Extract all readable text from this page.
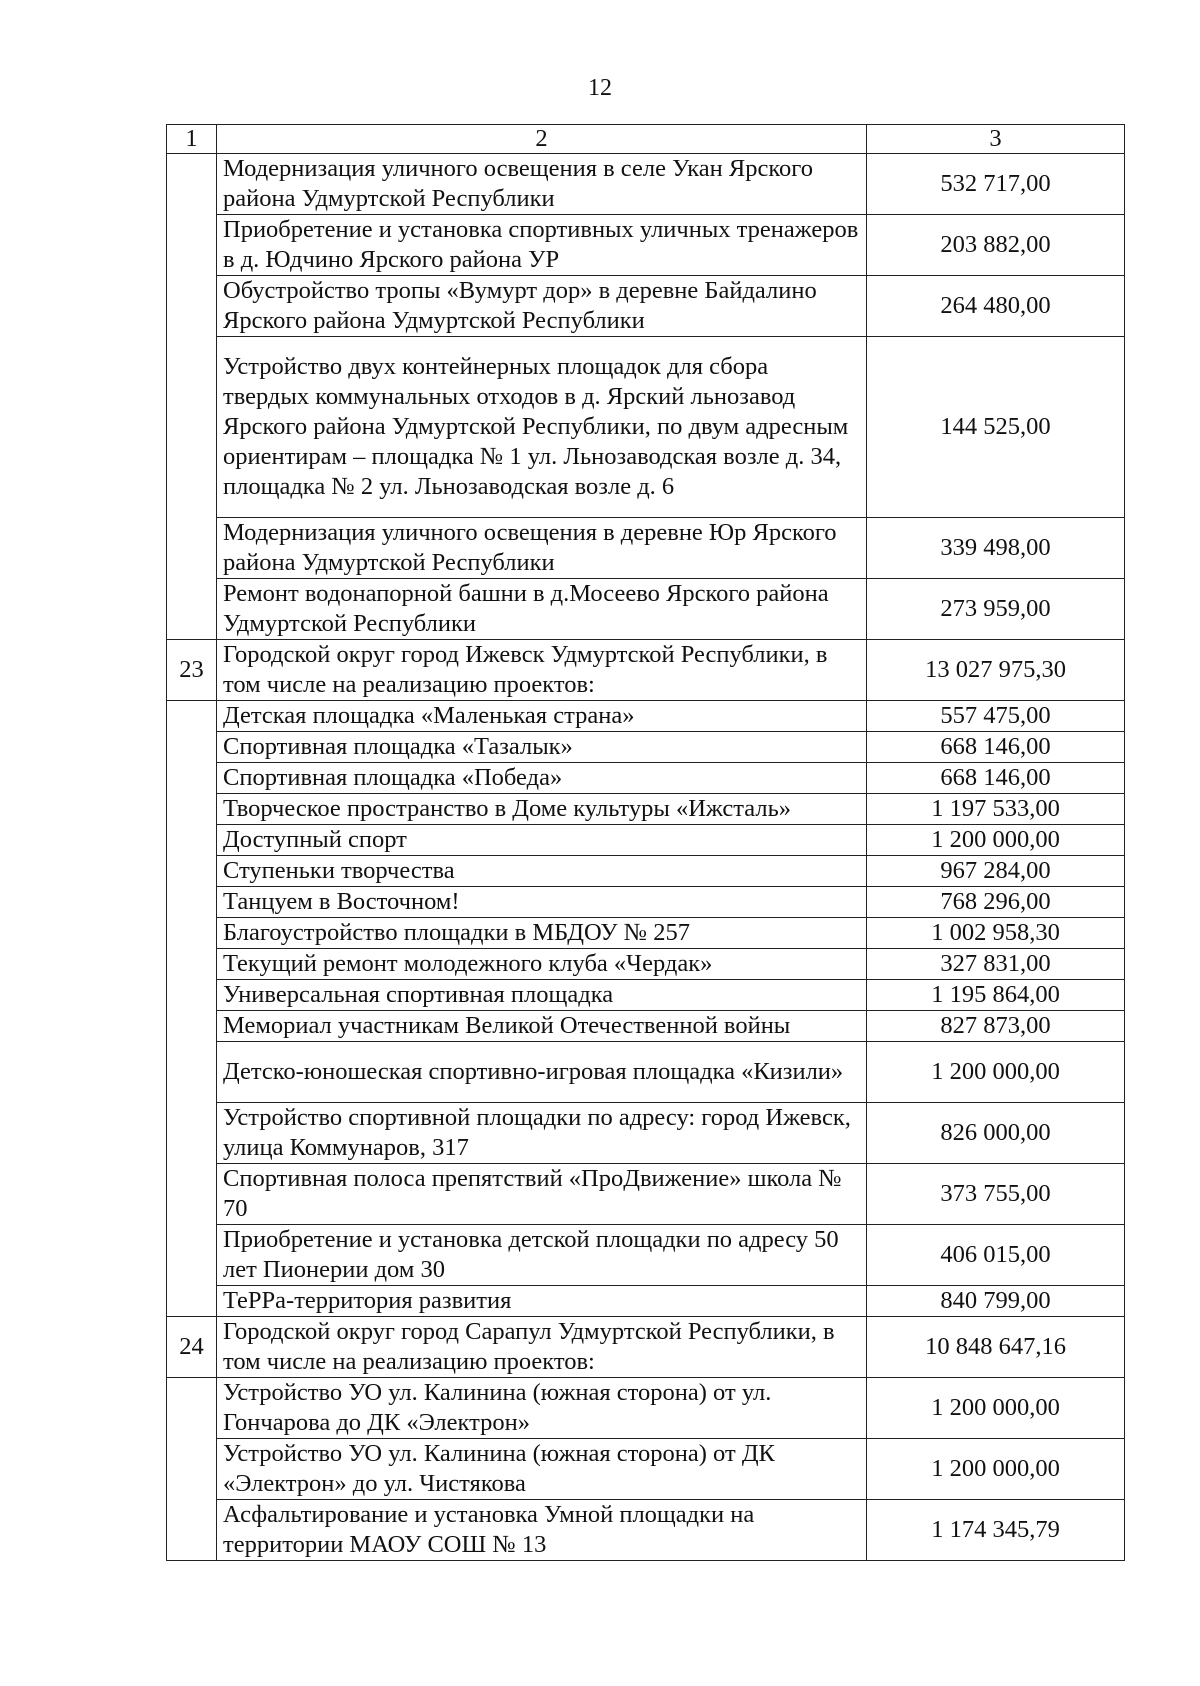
12
1	2	3
	Модернизация уличного освещения в селе Укан Ярского района Удмуртской Республики	532 717,00
	Приобретение и установка спортивных уличных тренажеров в д. Юдчино Ярского района УР	203 882,00
	Обустройство тропы «Вумурт дор» в деревне Байдалино Ярского района Удмуртской Республики	264 480,00
	Устройство двух контейнерных площадок для сбора твердых коммунальных отходов в д. Ярский льнозавод Ярского района Удмуртской Республики, по двум адресным ориентирам – площадка № 1 ул. Льнозаводская возле д. 34, площадка № 2 ул. Льнозаводская возле д. 6	144 525,00
	Модернизация уличного освещения в деревне Юр Ярского района Удмуртской Республики	339 498,00
	Ремонт водонапорной башни в д.Мосеево Ярского района Удмуртской Республики	273 959,00
23	Городской округ город Ижевск Удмуртской Республики, в том числе на реализацию проектов:	13 027 975,30
	Детская площадка «Маленькая страна»	557 475,00
	Спортивная площадка «Тазалык»	668 146,00
	Спортивная площадка «Победа»	668 146,00
	Творческое пространство в Доме культуры «Ижсталь»	1 197 533,00
	Доступный спорт	1 200 000,00
	Ступеньки творчества	967 284,00
	Танцуем в Восточном!	768 296,00
	Благоустройство площадки в МБДОУ № 257	1 002 958,30
	Текущий ремонт молодежного клуба «Чердак»	327 831,00
	Универсальная спортивная площадка	1 195 864,00
	Мемориал участникам Великой Отечественной войны	827 873,00
	Детско-юношеская спортивно-игровая площадка «Кизили»	1 200 000,00
	Устройство спортивной площадки по адресу: город Ижевск, улица Коммунаров, 317	826 000,00
	Спортивная полоса препятствий «ПроДвижение» школа № 70	373 755,00
	Приобретение и установка детской площадки по адресу 50 лет Пионерии дом 30	406 015,00
	ТеРРа-территория развития	840 799,00
24	Городской округ город Сарапул Удмуртской Республики, в том числе на реализацию проектов:	10 848 647,16
	Устройство УО ул. Калинина (южная сторона) от ул. Гончарова до ДК «Электрон»	1 200 000,00
	Устройство УО ул. Калинина (южная сторона) от ДК «Электрон» до ул. Чистякова	1 200 000,00
	Асфальтирование и установка Умной площадки на территории МАОУ СОШ № 13	1 174 345,79
